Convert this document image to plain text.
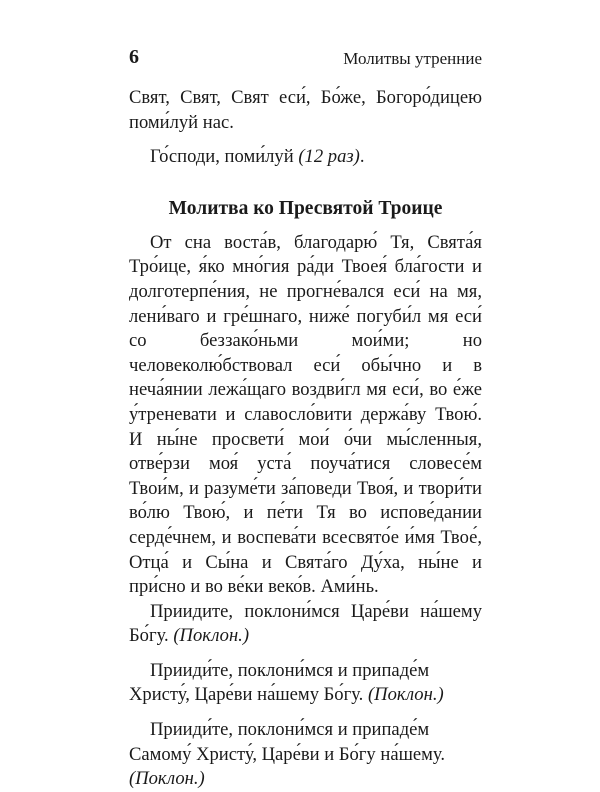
6	Молитвы утренние

Свят, Свят, Свят еси́, Бо́же, Богоро́дицею поми́луй нас.

Го́споди, поми́луй (12 раз).

Молитва ко Пресвятой Троице

От сна воста́в, благодарю́ Тя, Свята́я Тро́ице, я́ко мно́гия ра́ди Твоея́ бла́гости и долготерпе́ния, не прогне́вался еси́ на мя, лени́ваго и гре́шнаго, ниже́ погуби́л мя еси́ со беззако́ньми мои́ми; но человеколю́бствовал еси́ обы́чно и в неча́янии лежа́щаго воздви́гл мя еси́, во е́же у́треневати и славосло́вити держа́ву Твою́. И ны́не просвети́ мои́ о́чи мы́сленныя, отве́рзи моя́ уста́ поуча́тися словесе́м Твои́м, и разуме́ти за́поведи Твоя́, и твори́ти во́лю Твою́, и пе́ти Тя во испове́дании серде́чнем, и воспева́ти всесвято́е и́мя Твое́, Отца́ и Сы́на и Свята́го Ду́ха, ны́не и при́сно и во ве́ки веко́в. Ами́нь.

Приидите, поклони́мся Царе́ви на́шему Бо́гу. (Поклон.)

Прииди́те, поклони́мся и припаде́м Христу́, Царе́ви на́шему Бо́гу. (Поклон.)

Прииди́те, поклони́мся и припаде́м Самому́ Христу́, Царе́ви и Бо́гу на́шему. (Поклон.)
